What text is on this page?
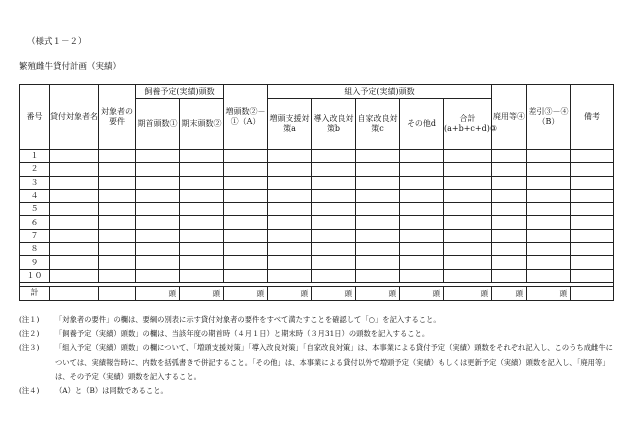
（様式１－２）
繁殖雌牛貸付計画（実績）
番号	貸付対象者名	対象者の要件	飼養予定(実績)頭数		増頭数②－①（A）	組入予定(実績)頭数					廃用等④	差引③－④（B）	備考
			期首頭数①	期末頭数②		増頭支援対策a	導入改良対策b	自家改良対策c	その他d	合計(a+b+c+d)③			
１													
２													
３													
４													
５													
６													
７													
８													
９													
１０													

計			頭	頭	頭	頭	頭	頭	頭	頭	頭	頭	
(注１)	「対象者の要件」の欄は、要綱の別表に示す貸付対象者の要件をすべて満たすことを確認して「○」を記入すること。
(注２)	「飼養予定（実績）頭数」の欄は、当該年度の期首時（４月１日）と期末時（３月31日）の頭数を記入すること。
(注３)	「組入予定（実績）頭数」の欄について、「増頭支援対策」「導入改良対策」「自家改良対策」は、本事業による貸付予定（実績）頭数をそれぞれ記入し、このうち成雌牛については、実績報告時に、内数を括弧書きで併記すること。「その他」は、本事業による貸付以外で増頭予定（実績）もしくは更新予定（実績）頭数を記入し、「廃用等」は、その予定（実績）頭数を記入すること。
(注４)	（A）と（B）は同数であること。
